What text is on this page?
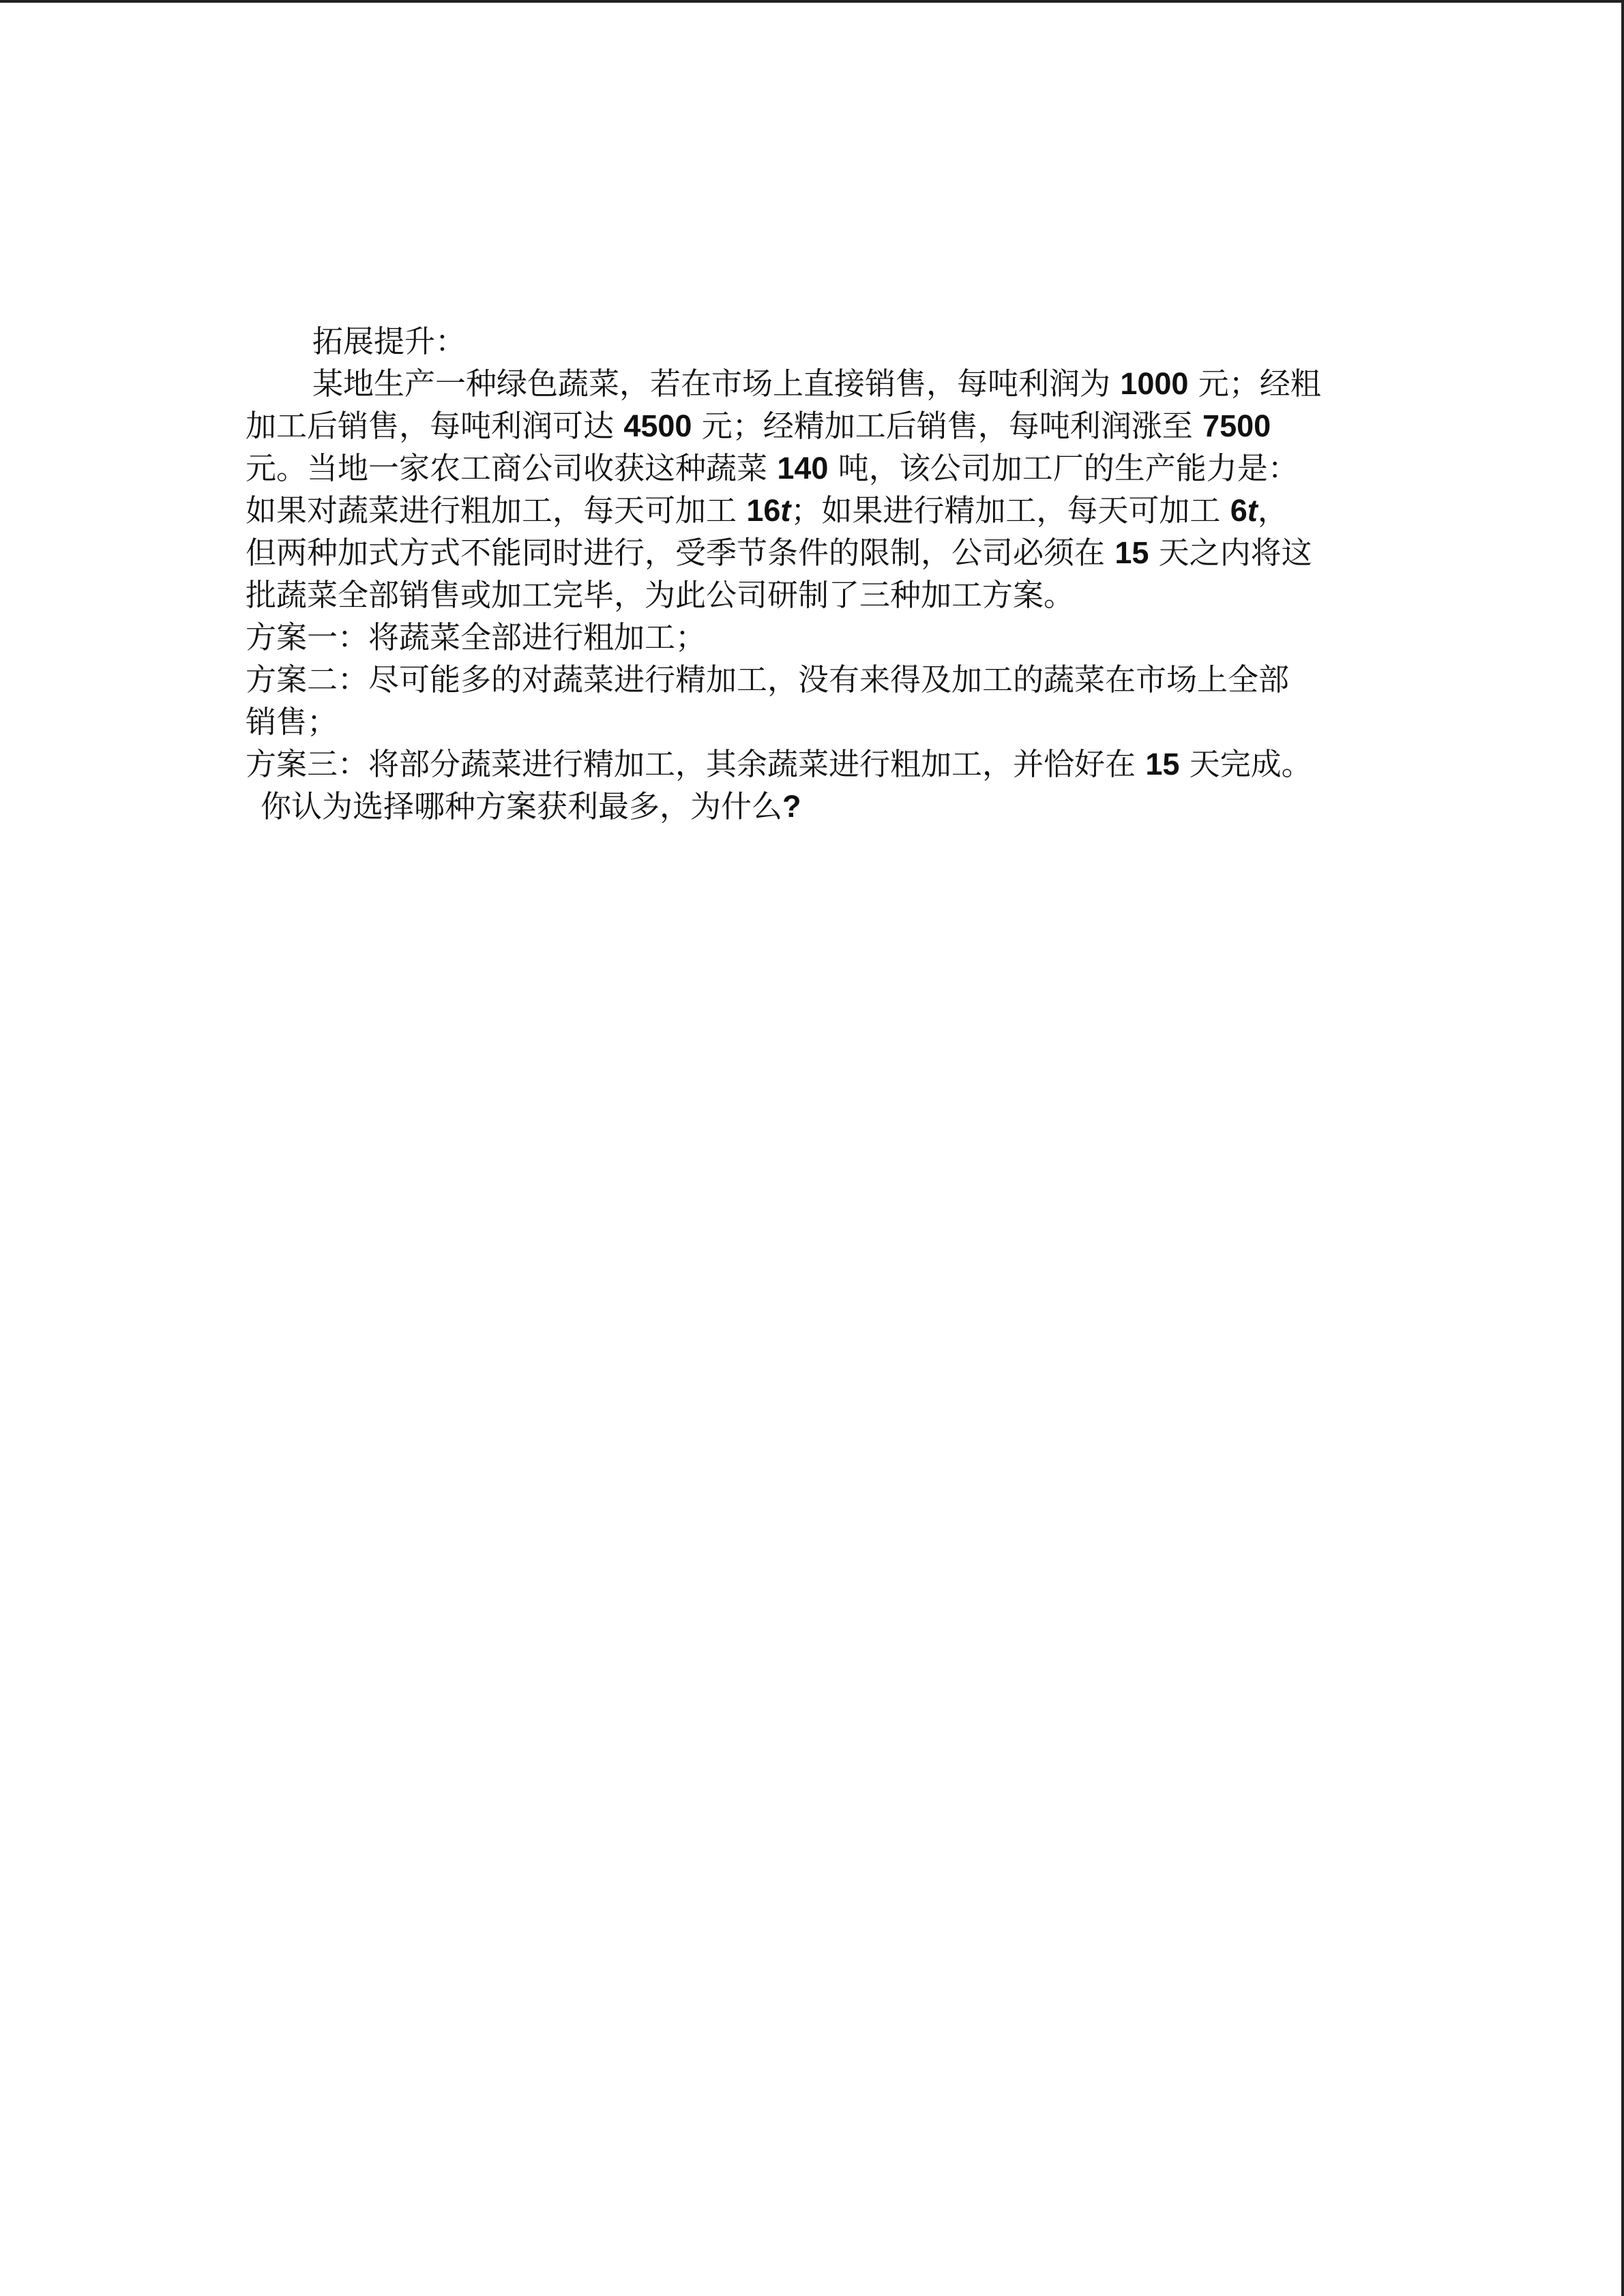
拓展提升：
某地生产一种绿色蔬菜，若在市场上直接销售，每吨利润为 1000 元；经粗
加工后销售，每吨利润可达 4500 元；经精加工后销售，每吨利润涨至 7500
元。当地一家农工商公司收获这种蔬菜 140 吨，该公司加工厂的生产能力是：
如果对蔬菜进行粗加工，每天可加工 16t；如果进行精加工，每天可加工 6t，
但两种加式方式不能同时进行，受季节条件的限制，公司必须在 15 天之内将这
批蔬菜全部销售或加工完毕，为此公司研制了三种加工方案。
方案一：将蔬菜全部进行粗加工；
方案二：尽可能多的对蔬菜进行精加工，没有来得及加工的蔬菜在市场上全部
销售；
方案三：将部分蔬菜进行精加工，其余蔬菜进行粗加工，并恰好在 15 天完成。
你认为选择哪种方案获利最多，为什么?
